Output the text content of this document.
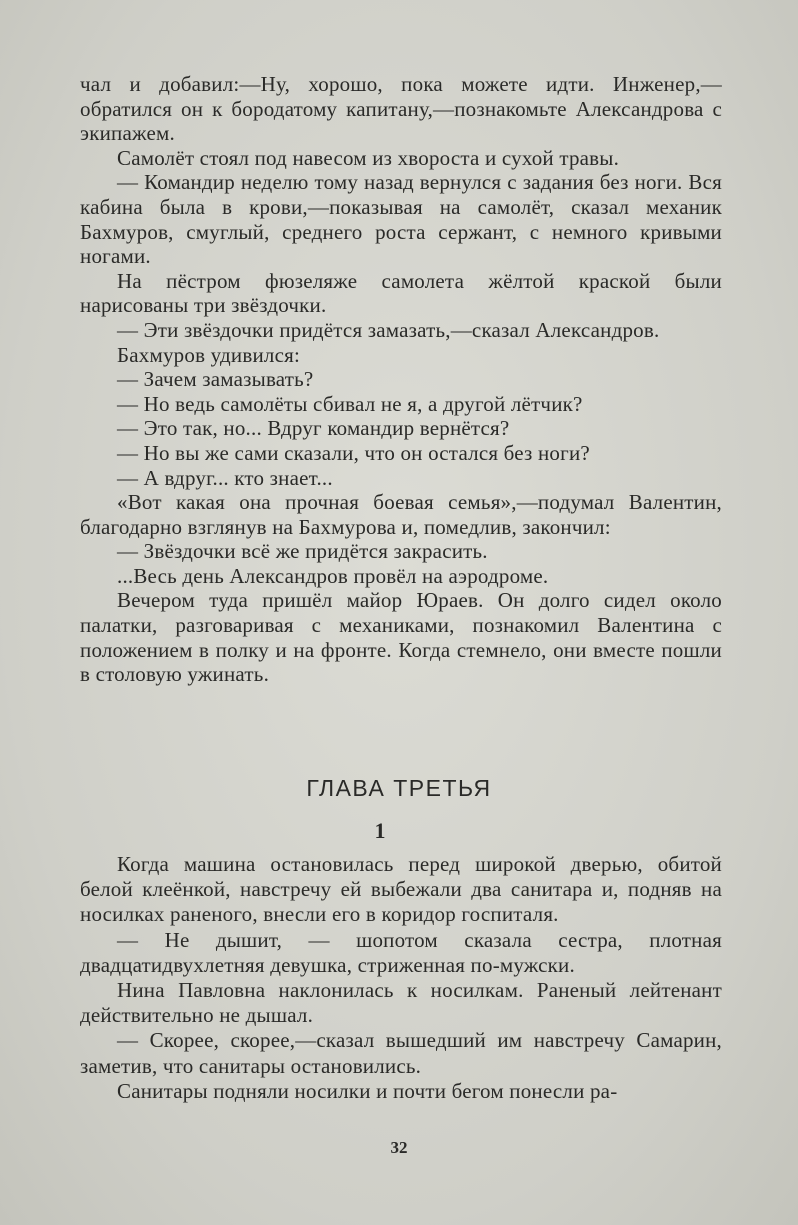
чал и добавил:—Ну, хорошо, пока можете идти. Инженер,—обратился он к бородатому капитану,—познакомьте Александрова с экипажем.

Самолёт стоял под навесом из хвороста и сухой травы.

— Командир неделю тому назад вернулся с задания без ноги. Вся кабина была в крови,—показывая на самолёт, сказал механик Бахмуров, смуглый, среднего роста сержант, с немного кривыми ногами.

На пёстром фюзеляже самолета жёлтой краской были нарисованы три звёздочки.

— Эти звёздочки придётся замазать,—сказал Александров.

Бахмуров удивился:

— Зачем замазывать?

— Но ведь самолёты сбивал не я, а другой лётчик?

— Это так, но... Вдруг командир вернётся?

— Но вы же сами сказали, что он остался без ноги?

— А вдруг... кто знает...

«Вот какая она прочная боевая семья»,—подумал Валентин, благодарно взглянув на Бахмурова и, помедлив, закончил:

— Звёздочки всё же придётся закрасить.

...Весь день Александров провёл на аэродроме.

Вечером туда пришёл майор Юраев. Он долго сидел около палатки, разговаривая с механиками, познакомил Валентина с положением в полку и на фронте. Когда стемнело, они вместе пошли в столовую ужинать.

ГЛАВА ТРЕТЬЯ
1

Когда машина остановилась перед широкой дверью, обитой белой клеёнкой, навстречу ей выбежали два санитара и, подняв на носилках раненого, внесли его в коридор госпиталя.

— Не дышит, — шопотом сказала сестра, плотная двадцатидвухлетняя девушка, стриженная по-мужски.

Нина Павловна наклонилась к носилкам. Раненый лейтенант действительно не дышал.

— Скорее, скорее,—сказал вышедший им навстречу Самарин, заметив, что санитары остановились.

Санитары подняли носилки и почти бегом понесли ра-

32
